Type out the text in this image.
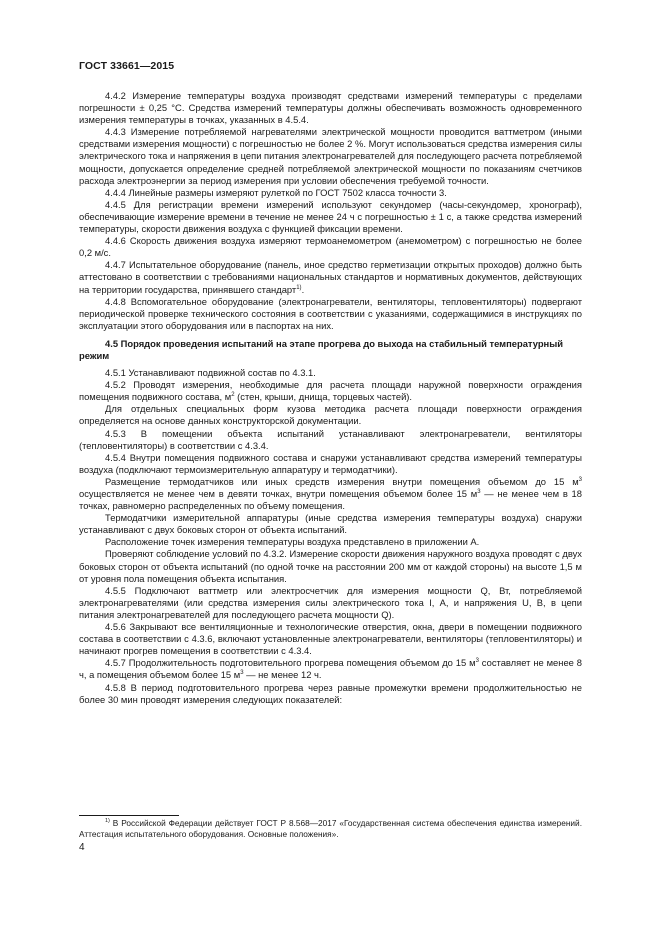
ГОСТ 33661—2015

4.4.2 Измерение температуры воздуха производят средствами измерений температуры с пределами погрешности ± 0,25 °С. Средства измерений температуры должны обеспечивать возможность одновременного измерения температуры в точках, указанных в 4.5.4.

4.4.3 Измерение потребляемой нагревателями электрической мощности проводится ваттметром (иными средствами измерения мощности) с погрешностью не более 2 %. Могут использоваться средства измерения силы электрического тока и напряжения в цепи питания электронагревателей для последующего расчета потребляемой мощности, допускается определение средней потребляемой электрической мощности по показаниям счетчиков расхода электроэнергии за период измерения при условии обеспечения требуемой точности.

4.4.4 Линейные размеры измеряют рулеткой по ГОСТ 7502 класса точности 3.

4.4.5 Для регистрации времени измерений используют секундомер (часы-секундомер, хронограф), обеспечивающие измерение времени в течение не менее 24 ч с погрешностью ± 1 с, а также средства измерений температуры, скорости движения воздуха с функцией фиксации времени.

4.4.6 Скорость движения воздуха измеряют термоанемометром (анемометром) с погрешностью не более 0,2 м/с.

4.4.7 Испытательное оборудование (панель, иное средство герметизации открытых проходов) должно быть аттестовано в соответствии с требованиями национальных стандартов и нормативных документов, действующих на территории государства, принявшего стандарт$^{1)}$.

4.4.8 Вспомогательное оборудование (электронагреватели, вентиляторы, тепловентиляторы) подвергают периодической проверке технического состояния в соответствии с указаниями, содержащимися в инструкциях по эксплуатации этого оборудования или в паспортах на них.

4.5 Порядок проведения испытаний на этапе прогрева до выхода на стабильный температурный режим

4.5.1 Устанавливают подвижной состав по 4.3.1.

4.5.2 Проводят измерения, необходимые для расчета площади наружной поверхности ограждения помещения подвижного состава, $м^2$ (стен, крыши, днища, торцевых частей).

Для отдельных специальных форм кузова методика расчета площади поверхности ограждения определяется на основе данных конструкторской документации.

4.5.3 В помещении объекта испытаний устанавливают электронагреватели, вентиляторы (тепловентиляторы) в соответствии с 4.3.4.

4.5.4 Внутри помещения подвижного состава и снаружи устанавливают средства измерений температуры воздуха (подключают термоизмерительную аппаратуру и термодатчики).

Размещение термодатчиков или иных средств измерения внутри помещения объемом до 15 $м^3$ осуществляется не менее чем в девяти точках, внутри помещения объемом более 15 $м^3$ — не менее чем в 18 точках, равномерно распределенных по объему помещения.

Термодатчики измерительной аппаратуры (иные средства измерения температуры воздуха) снаружи устанавливают с двух боковых сторон от объекта испытаний.

Расположение точек измерения температуры воздуха представлено в приложении А.

Проверяют соблюдение условий по 4.3.2. Измерение скорости движения наружного воздуха проводят с двух боковых сторон от объекта испытаний (по одной точке на расстоянии 200 мм от каждой стороны) на высоте 1,5 м от уровня пола помещения объекта испытания.

4.5.5 Подключают ваттметр или электросчетчик для измерения мощности Q, Вт, потребляемой электронагревателями (или средства измерения силы электрического тока I, А, и напряжения U, В, в цепи питания электронагревателей для последующего расчета мощности Q).

4.5.6 Закрывают все вентиляционные и технологические отверстия, окна, двери в помещении подвижного состава в соответствии с 4.3.6, включают установленные электронагреватели, вентиляторы (тепловентиляторы) и начинают прогрев помещения в соответствии с 4.3.4.

4.5.7 Продолжительность подготовительного прогрева помещения объемом до 15 $м^3$ составляет не менее 8 ч, а помещения объемом более 15 $м^3$ — не менее 12 ч.

4.5.8 В период подготовительного прогрева через равные промежутки времени продолжительностью не более 30 мин проводят измерения следующих показателей:

$^{1)}$ В Российской Федерации действует ГОСТ Р 8.568—2017 «Государственная система обеспечения единства измерений. Аттестация испытательного оборудования. Основные положения».
4
